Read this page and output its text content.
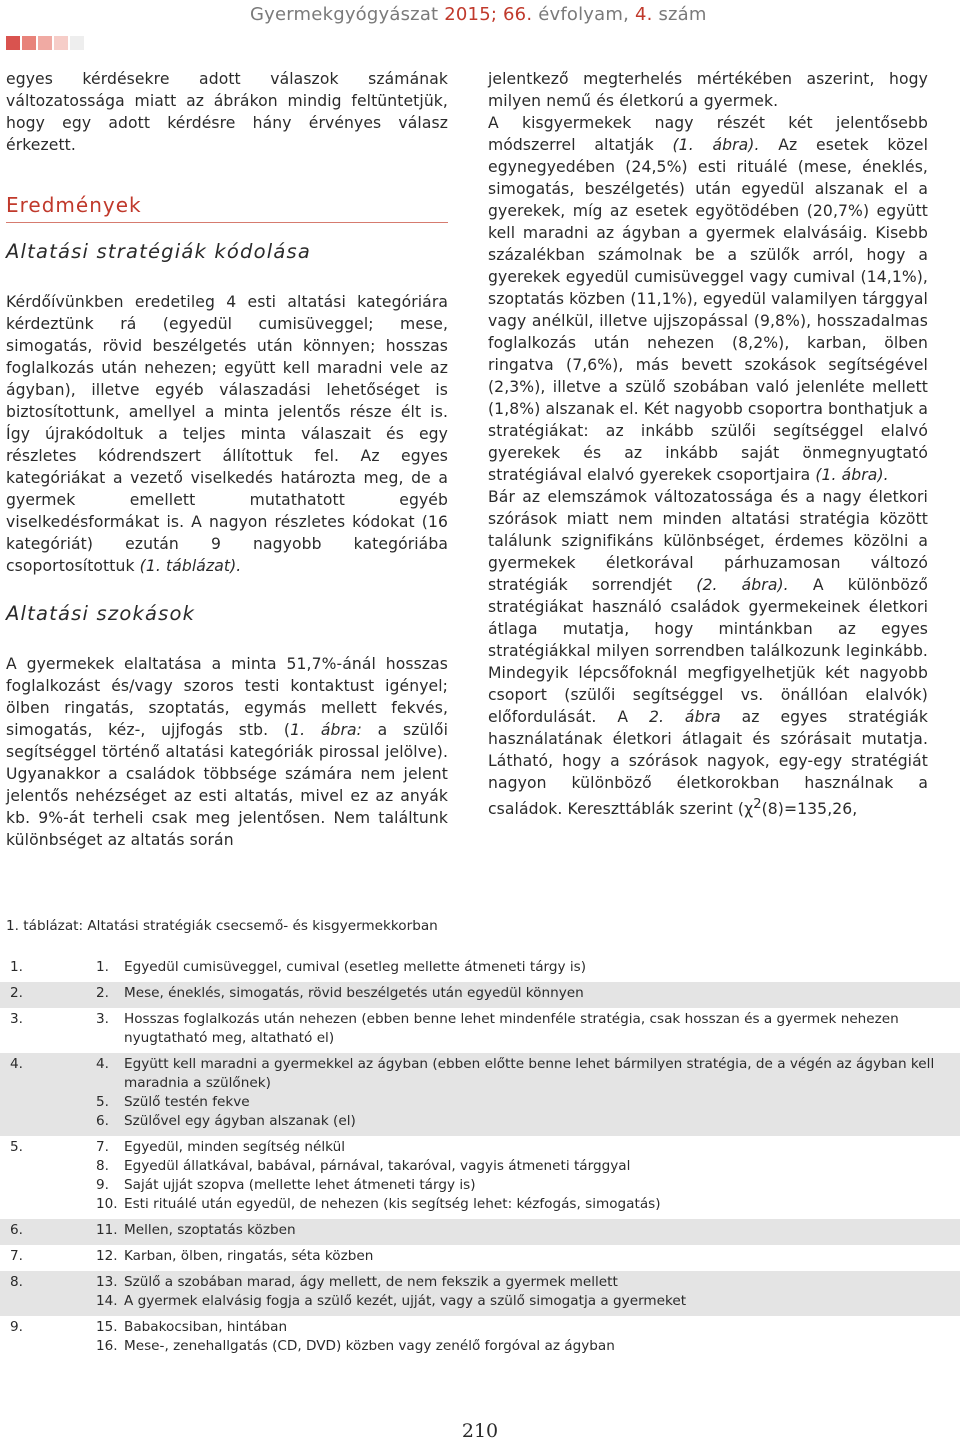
Gyermekgyógyászat 2015; 66. évfolyam, 4. szám

egyes kérdésekre adott válaszok számának változatossága miatt az ábrákon mindig feltüntetjük, hogy egy adott kérdésre hány érvényes válasz érkezett.

Eredmények
Altatási stratégiák kódolása

Kérdőívünkben eredetileg 4 esti altatási kategóriára kérdeztünk rá (egyedül cumisüveggel; mese, simogatás, rövid beszélgetés után könnyen; hosszas foglalkozás után nehezen; együtt kell maradni vele az ágyban), illetve egyéb válaszadási lehetőséget is biztosítottunk, amellyel a minta jelentős része élt is. Így újrakódoltuk a teljes minta válaszait és egy részletes kódrendszert állítottuk fel. Az egyes kategóriákat a vezető viselkedés határozta meg, de a gyermek emellett mutathatott egyéb viselkedésformákat is. A nagyon részletes kódokat (16 kategóriát) ezután 9 nagyobb kategóriába csoportosítottuk (1. táblázat).

Altatási szokások

A gyermekek elaltatása a minta 51,7%-ánál hosszas foglalkozást és/vagy szoros testi kontaktust igényel; ölben ringatás, szoptatás, egymás mellett fekvés, simogatás, kéz-, ujjfogás stb. (1. ábra: a szülői segítséggel történő altatási kategóriák pirossal jelölve). Ugyanakkor a családok többsége számára nem jelent jelentős nehézséget az esti altatás, mivel ez az anyák kb. 9%-át terheli csak meg jelentősen. Nem találtunk különbséget az altatás során

jelentkező megterhelés mértékében aszerint, hogy milyen nemű és életkorú a gyermek.

A kisgyermekek nagy részét két jelentősebb módszerrel altatják (1. ábra). Az esetek közel egynegyedében (24,5%) esti rituálé (mese, éneklés, simogatás, beszélgetés) után egyedül alszanak el a gyerekek, míg az esetek egyötödében (20,7%) együtt kell maradni az ágyban a gyermek elalvásáig. Kisebb százalékban számolnak be a szülők arról, hogy a gyerekek egyedül cumisüveggel vagy cumival (14,1%), szoptatás közben (11,1%), egyedül valamilyen tárggyal vagy anélkül, illetve ujjszopással (9,8%), hosszadalmas foglalkozás után nehezen (8,2%), karban, ölben ringatva (7,6%), más bevett szokások segítségével (2,3%), illetve a szülő szobában való jelenléte mellett (1,8%) alszanak el. Két nagyobb csoportra bonthatjuk a stratégiákat: az inkább szülői segítséggel elalvó gyerekek és az inkább saját önmegnyugtató stratégiával elalvó gyerekek csoportjaira (1. ábra).

Bár az elemszámok változatossága és a nagy életkori szórások miatt nem minden altatási stratégia között találunk szignifikáns különbséget, érdemes közölni a gyermekek életkorával párhuzamosan változó stratégiák sorrendjét (2. ábra). A különböző stratégiákat használó családok gyermekeinek életkori átlaga mutatja, hogy mintánkban az egyes stratégiákkal milyen sorrendben találkozunk leginkább. Mindegyik lépcsőfoknál megfigyelhetjük két nagyobb csoport (szülői segítséggel vs. önállóan elalvók) előfordulását. A 2. ábra az egyes stratégiák használatának életkori átlagait és szórásait mutatja. Látható, hogy a szórások nagyok, egy-egy stratégiát nagyon különböző életkorokban használnak a családok. Kereszttáblák szerint ($\chi^2(8)=135,26$,

1. táblázat: Altatási stratégiák csecsemő- és kisgyermekkorban
1.	1.	Egyedül cumisüveggel, cumival (esetleg mellette átmeneti tárgy is)
2.	2.	Mese, éneklés, simogatás, rövid beszélgetés után egyedül könnyen
3.	3.	Hosszas foglalkozás után nehezen (ebben benne lehet mindenféle stratégia, csak hosszan és a gyermek nehezen nyugtatható meg, altatható el)
4.	4.	Együtt kell maradni a gyermekkel az ágyban (ebben előtte benne lehet bármilyen stratégia, de a végén az ágyban kell maradnia a szülőnek)
5.	Szülő testén fekve
6.	Szülővel egy ágyban alszanak (el)
5.	7.	Egyedül, minden segítség nélkül
8.	Egyedül állatkával, babával, párnával, takaróval, vagyis átmeneti tárggyal
9.	Saját ujját szopva (mellette lehet átmeneti tárgy is)
10. Esti rituálé után egyedül, de nehezen (kis segítség lehet: kézfogás, simogatás)
6.	11. Mellen, szoptatás közben
7.	12. Karban, ölben, ringatás, séta közben
8.	13. Szülő a szobában marad, ágy mellett, de nem fekszik a gyermek mellett
14. A gyermek elalvásig fogja a szülő kezét, ujját, vagy a szülő simogatja a gyermeket
9.	15. Babakocsiban, hintában
16. Mese-, zenehallgatás (CD, DVD) közben vagy zenélő forgóval az ágyban
210
